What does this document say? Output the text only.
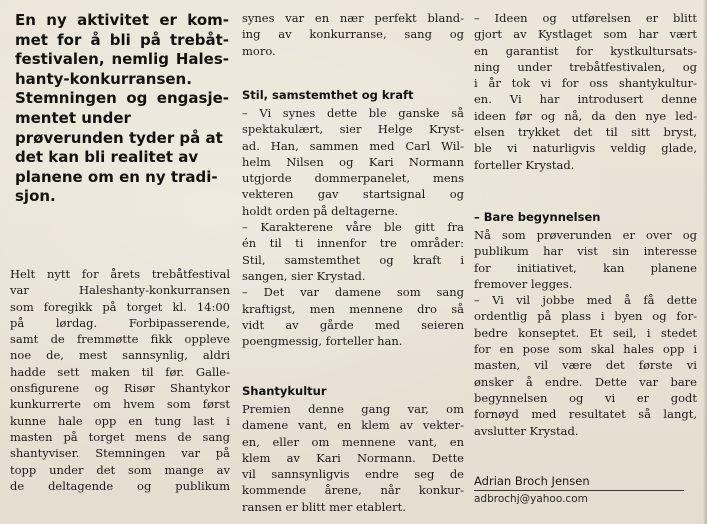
En ny aktivitet er kom-
met for å bli på trebåt-
festivalen, nemlig Hales-
hanty-konkurransen.
Stemningen og engasje-
mentet under
prøverunden tyder på at
det kan bli realitet av
planene om en ny tradi-
sjon.
Helt nytt for årets trebåtfestival
var Haleshanty-konkurransen
som foregikk på torget kl. 14:00
på lørdag. Forbipasserende,
samt de fremmøtte fikk oppleve
noe de, mest sannsynlig, aldri
hadde sett maken til før. Galle-
onsfigurene og Risør Shantykor
kunkurrerte om hvem som først
kunne hale opp en tung last i
masten på torget mens de sang
shantyviser. Stemningen var på
topp under det som mange av
de deltagende og publikum
synes var en nær perfekt bland-
ing av konkurranse, sang og
moro.
Stil, samstemthet og kraft
– Vi synes dette ble ganske så
spektakulært, sier Helge Kryst-
ad. Han, sammen med Carl Wil-
helm Nilsen og Kari Normann
utgjorde dommerpanelet, mens
vekteren gav startsignal og
holdt orden på deltagerne.
– Karakterene våre ble gitt fra
én til ti innenfor tre områder:
Stil, samstemthet og kraft i
sangen, sier Krystad.
– Det var damene som sang
kraftigst, men mennene dro så
vidt av gårde med seieren
poengmessig, forteller han.
Shantykultur
Premien denne gang var, om
damene vant, en klem av vekter-
en, eller om mennene vant, en
klem av Kari Normann. Dette
vil sannsynligvis endre seg de
kommende årene, når konkur-
ransen er blitt mer etablert.
– Ideen og utførelsen er blitt
gjort av Kystlaget som har vært
en garantist for kystkultursats-
ning under trebåtfestivalen, og
i år tok vi for oss shantykultur-
en. Vi har introdusert denne
ideen før og nå, da den nye led-
elsen trykket det til sitt bryst,
ble vi naturligvis veldig glade,
forteller Krystad.
– Bare begynnelsen
Nå som prøverunden er over og
publikum har vist sin interesse
for initiativet, kan planene
fremover legges.
– Vi vil jobbe med å få dette
ordentlig på plass i byen og for-
bedre konseptet. Et seil, i stedet
for en pose som skal hales opp i
masten, vil være det første vi
ønsker å endre. Dette var bare
begynnelsen og vi er godt
fornøyd med resultatet så langt,
avslutter Krystad.
Adrian Broch Jensen
adbrochj@yahoo.com
